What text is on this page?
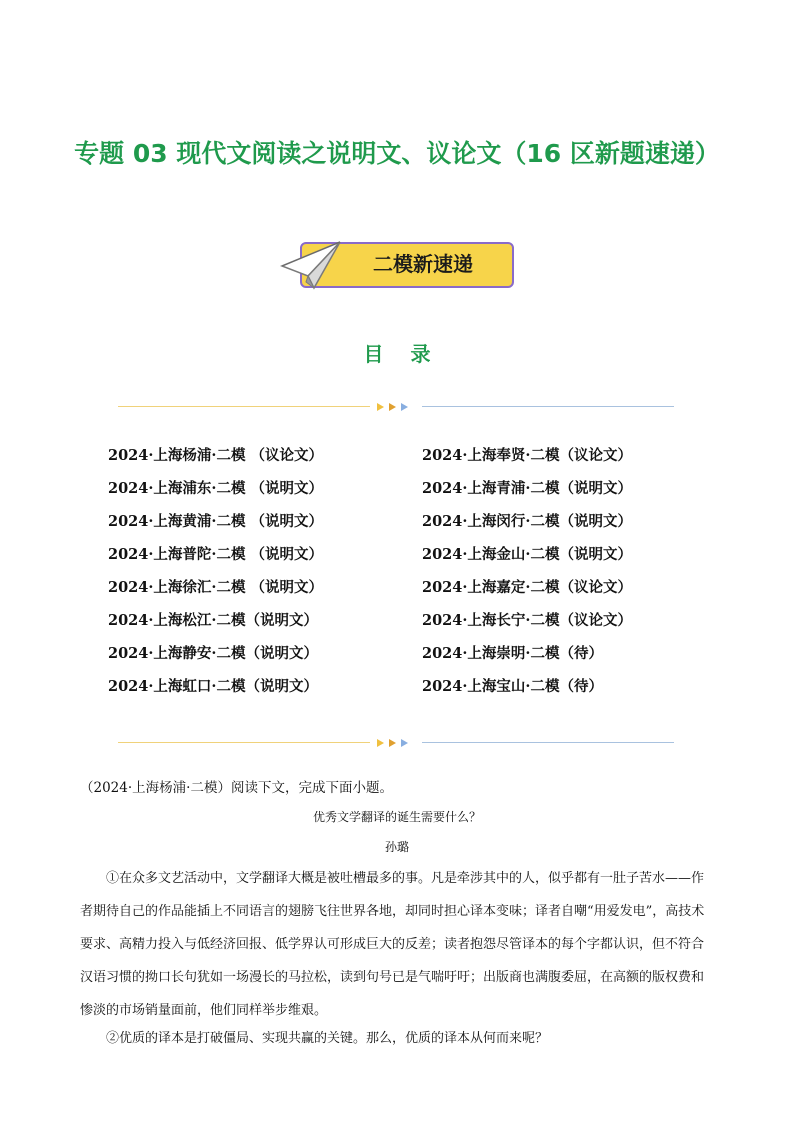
专题 03 现代文阅读之说明文、议论文（16 区新题速递）
二模新速递
目 录
2024·上海杨浦·二模 （议论文）
2024·上海浦东·二模 （说明文）
2024·上海黄浦·二模 （说明文）
2024·上海普陀·二模 （说明文）
2024·上海徐汇·二模 （说明文）
2024·上海松江·二模（说明文）
2024·上海静安·二模（说明文）
2024·上海虹口·二模（说明文）
2024·上海奉贤·二模（议论文）
2024·上海青浦·二模（说明文）
2024·上海闵行·二模（说明文）
2024·上海金山·二模（说明文）
2024·上海嘉定·二模（议论文）
2024·上海长宁·二模（议论文）
2024·上海崇明·二模（待）
2024·上海宝山·二模（待）
（2024·上海杨浦·二模）阅读下文，完成下面小题。
优秀文学翻译的诞生需要什么？
孙璐
①在众多文艺活动中，文学翻译大概是被吐槽最多的事。凡是牵涉其中的人，似乎都有一肚子苦水——作者期待自己的作品能插上不同语言的翅膀飞往世界各地，却同时担心译本变味；译者自嘲“用爱发电”，高技术要求、高精力投入与低经济回报、低学界认可形成巨大的反差；读者抱怨尽管译本的每个字都认识，但不符合汉语习惯的拗口长句犹如一场漫长的马拉松，读到句号已是气喘吁吁；出版商也满腹委屈，在高额的版权费和惨淡的市场销量面前，他们同样举步维艰。
②优质的译本是打破僵局、实现共赢的关键。那么，优质的译本从何而来呢？
